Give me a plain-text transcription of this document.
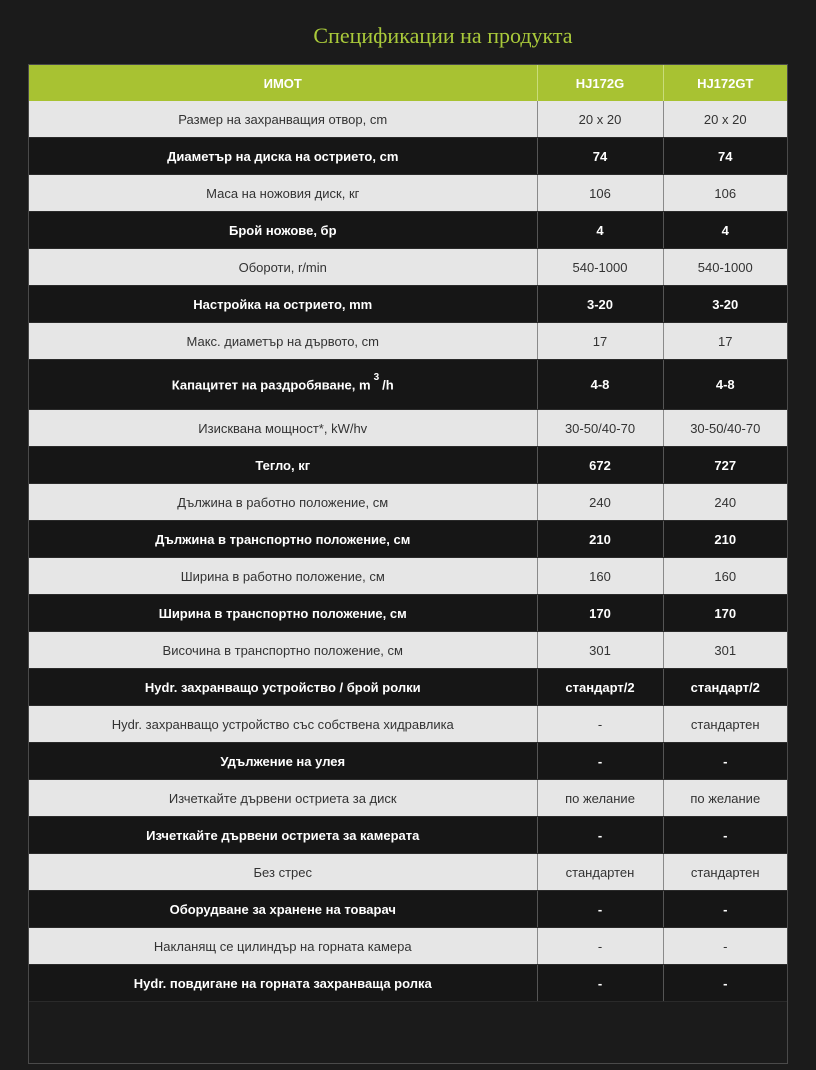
Спецификации на продукта
ИМОТ	HJ172G	HJ172GT
Размер на захранващия отвор, cm	20 x 20	20 x 20
Диаметър на диска на острието, cm	74	74
Маса на ножовия диск, кг	106	106
Брой ножове, бр	4	4
Обороти, r/min	540-1000	540-1000
Настройка на острието, mm	3-20	3-20
Макс. диаметър на дървото, cm	17	17
Капацитет на раздробяване, m $^3$ /h	4-8	4-8
Изисквана мощност*, kW/hv	30-50/40-70	30-50/40-70
Тегло, кг	672	727
Дължина в работно положение, см	240	240
Дължина в транспортно положение, см	210	210
Ширина в работно положение, см	160	160
Ширина в транспортно положение, см	170	170
Височина в транспортно положение, см	301	301
Hydr. захранващо устройство / брой ролки	стандарт/2	стандарт/2
Hydr. захранващо устройство със собствена хидравлика	-	стандартен
Удължение на улея	-	-
Изчеткайте дървени остриета за диск	по желание	по желание
Изчеткайте дървени остриета за камерата	-	-
Без стрес	стандартен	стандартен
Оборудване за хранене на товарач	-	-
Накланящ се цилиндър на горната камера	-	-
Hydr. повдигане на горната захранваща ролка	-	-
